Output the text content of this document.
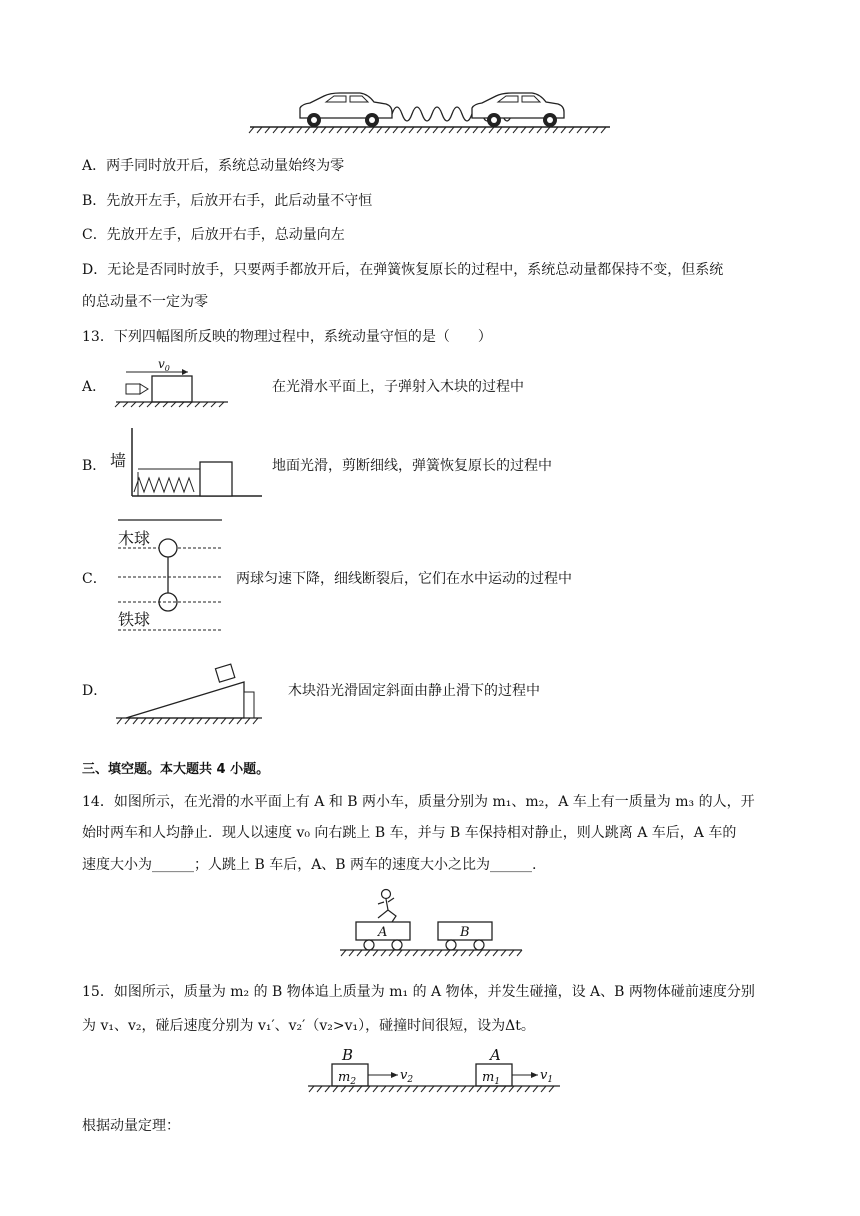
A．两手同时放开后，系统总动量始终为零
B．先放开左手，后放开右手，此后动量不守恒
C．先放开左手，后放开右手，总动量向左
D．无论是否同时放手，只要两手都放开后，在弹簧恢复原长的过程中，系统总动量都保持不变，但系统
的总动量不一定为零
13．下列四幅图所反映的物理过程中，系统动量守恒的是（　　）
A．
$v_0$
在光滑水平面上，子弹射入木块的过程中
B． 墙	地面光滑，剪断细线，弹簧恢复原长的过程中
C．
木球
铁球
两球匀速下降，细线断裂后，它们在水中运动的过程中
D．	木块沿光滑固定斜面由静止滑下的过程中
三、填空题。本大题共 4 小题。
14．如图所示，在光滑的水平面上有 A 和 B 两小车，质量分别为 m₁、m₂，A 车上有一质量为 m₃ 的人，开
始时两车和人均静止．现人以速度 v₀ 向右跳上 B 车，并与 B 车保持相对静止，则人跳离 A 车后，A 车的
速度大小为______；人跳上 B 车后，A、B 两车的速度大小之比为______.
A	B
15．如图所示，质量为 m₂ 的 B 物体追上质量为 m₁ 的 A 物体，并发生碰撞，设 A、B 两物体碰前速度分别
为 v₁、v₂，碰后速度分别为 v₁′、v₂′（v₂>v₁），碰撞时间很短，设为Δt。
B
$m_2$	$v_2$
A
$m_1$	$v_1$
根据动量定理：
